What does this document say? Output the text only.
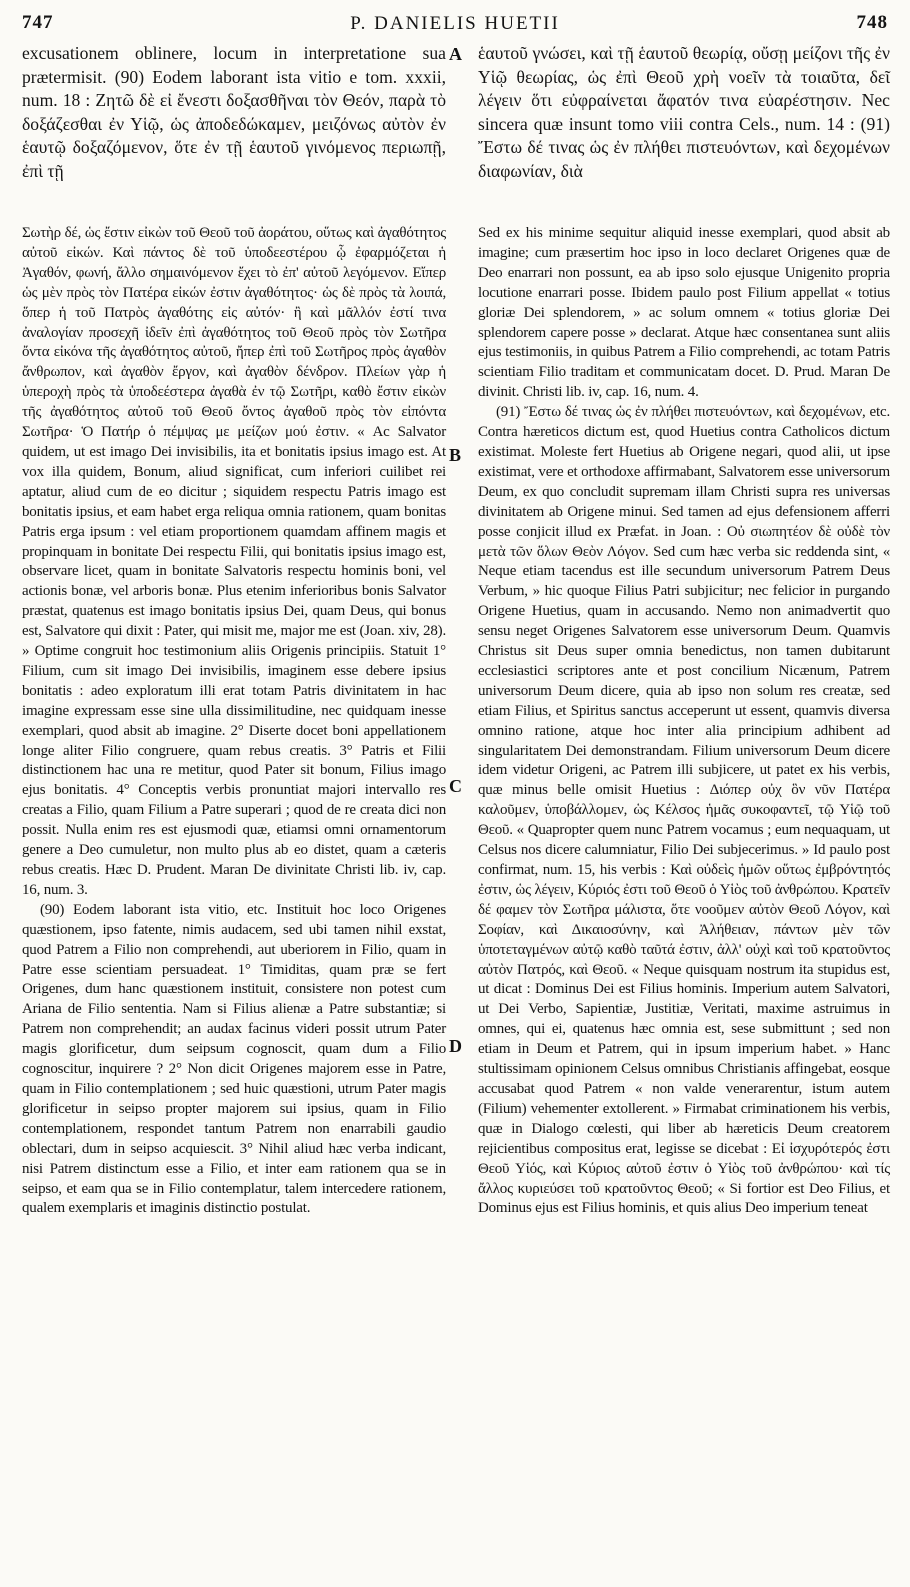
747	P. DANIELIS HUETII	748

excusationem oblinere, locum in interpretatione sua prætermisit. (90) Eodem laborant ista vitio e tom. xxxii, num. 18 : Ζητῶ δὲ εἰ ἔνεστι δοξασθῆναι τὸν Θεόν, παρὰ τὸ δοξάζεσθαι ἐν Υἱῷ, ὡς ἀποδεδώκαμεν, μειζόνως αὐτὸν ἐν ἑαυτῷ δοξαζόμενον, ὅτε ἐν τῇ ἑαυτοῦ γινόμενος περιωπῇ, ἐπὶ τῇ

ἑαυτοῦ γνώσει, καὶ τῇ ἑαυτοῦ θεωρίᾳ, οὔσῃ μείζονι τῆς ἐν Υἱῷ θεωρίας, ὡς ἐπὶ Θεοῦ χρὴ νοεῖν τὰ τοιαῦτα, δεῖ λέγειν ὅτι εὐφραίνεται ἄφατόν τινα εὐαρέστησιν. Nec sincera quæ insunt tomo viii contra Cels., num. 14 : (91) Ἔστω δέ τινας ὡς ἐν πλήθει πιστευόντων, καὶ δεχομένων διαφωνίαν, διὰ

A
B
C
D

Σωτὴρ δέ, ὡς ἔστιν εἰκὼν τοῦ Θεοῦ τοῦ ἀοράτου, οὕτως καὶ ἀγαθότητος αὐτοῦ εἰκών. Καὶ πάντος δὲ τοῦ ὑποδεεστέρου ᾧ ἐφαρμόζεται ἡ Ἀγαθόν, φωνή, ἄλλο σημαινόμενον ἔχει τὸ ἐπ' αὐτοῦ λεγόμενον. Εἴπερ ὡς μὲν πρὸς τὸν Πατέρα εἰκών ἐστιν ἀγαθότητος· ὡς δὲ πρὸς τὰ λοιπά, ὅπερ ἡ τοῦ Πατρὸς ἀγαθότης εἰς αὐτόν· ἢ καὶ μᾶλλόν ἐστί τινα ἀναλογίαν προσεχῆ ἰδεῖν ἐπὶ ἀγαθότητος τοῦ Θεοῦ πρὸς τὸν Σωτῆρα ὄντα εἰκόνα τῆς ἀγαθότητος αὐτοῦ, ἤπερ ἐπὶ τοῦ Σωτῆρος πρὸς ἀγαθὸν ἄνθρωπον, καὶ ἀγαθὸν ἔργον, καὶ ἀγαθὸν δένδρον. Πλείων γὰρ ἡ ὑπεροχὴ πρὸς τὰ ὑποδεέστερα ἀγαθὰ ἐν τῷ Σωτῆρι, καθὸ ἔστιν εἰκὼν τῆς ἀγαθότητος αὐτοῦ τοῦ Θεοῦ ὄντος ἀγαθοῦ πρὸς τὸν εἰπόντα Σωτῆρα· Ὁ Πατήρ ὁ πέμψας με μείζων μού ἐστιν. « Ac Salvator quidem, ut est imago Dei invisibilis, ita et bonitatis ipsius imago est. At vox illa quidem, Bonum, aliud significat, cum inferiori cuilibet rei aptatur, aliud cum de eo dicitur ; siquidem respectu Patris imago est bonitatis ipsius, et eam habet erga reliqua omnia rationem, quam bonitas Patris erga ipsum : vel etiam proportionem quamdam affinem magis et propinquam in bonitate Dei respectu Filii, qui bonitatis ipsius imago est, observare licet, quam in bonitate Salvatoris respectu hominis boni, vel actionis bonæ, vel arboris bonæ. Plus etenim inferioribus bonis Salvator præstat, quatenus est imago bonitatis ipsius Dei, quam Deus, qui bonus est, Salvatore qui dixit : Pater, qui misit me, major me est (Joan. xiv, 28). » Optime congruit hoc testimonium aliis Origenis principiis. Statuit 1° Filium, cum sit imago Dei invisibilis, imaginem esse debere ipsius bonitatis : adeo exploratum illi erat totam Patris divinitatem in hac imagine expressam esse sine ulla dissimilitudine, nec quidquam inesse exemplari, quod absit ab imagine. 2° Diserte docet boni appellationem longe aliter Filio congruere, quam rebus creatis. 3° Patris et Filii distinctionem hac una re metitur, quod Pater sit bonum, Filius imago ejus bonitatis. 4° Conceptis verbis pronuntiat majori intervallo res creatas a Filio, quam Filium a Patre superari ; quod de re creata dici non possit. Nulla enim res est ejusmodi quæ, etiamsi omni ornamentorum genere a Deo cumuletur, non multo plus ab eo distet, quam a cæteris rebus creatis. Hæc D. Prudent. Maran De divinitate Christi lib. iv, cap. 16, num. 3.

(90) Eodem laborant ista vitio, etc. Instituit hoc loco Origenes quæstionem, ipso fatente, nimis audacem, sed ubi tamen nihil exstat, quod Patrem a Filio non comprehendi, aut uberiorem in Filio, quam in Patre esse scientiam persuadeat. 1° Timiditas, quam præ se fert Origenes, dum hanc quæstionem instituit, consistere non potest cum Ariana de Filio sententia. Nam si Filius alienæ a Patre substantiæ; si Patrem non comprehendit; an audax facinus videri possit utrum Pater magis glorificetur, dum seipsum cognoscit, quam dum a Filio cognoscitur, inquirere ? 2° Non dicit Origenes majorem esse in Patre, quam in Filio contemplationem ; sed huic quæstioni, utrum Pater magis glorificetur in seipso propter majorem sui ipsius, quam in Filio contemplationem, respondet tantum Patrem non enarrabili gaudio oblectari, dum in seipso acquiescit. 3° Nihil aliud hæc verba indicant, nisi Patrem distinctum esse a Filio, et inter eam rationem qua se in seipso, et eam qua se in Filio contemplatur, talem intercedere rationem, qualem exemplaris et imaginis distinctio postulat.

Sed ex his minime sequitur aliquid inesse exemplari, quod absit ab imagine; cum præsertim hoc ipso in loco declaret Origenes quæ de Deo enarrari non possunt, ea ab ipso solo ejusque Unigenito propria locutione enarrari posse. Ibidem paulo post Filium appellat « totius gloriæ Dei splendorem, » ac solum omnem « totius gloriæ Dei splendorem capere posse » declarat. Atque hæc consentanea sunt aliis ejus testimoniis, in quibus Patrem a Filio comprehendi, ac totam Patris scientiam Filio traditam et communicatam docet. D. Prud. Maran De divinit. Christi lib. iv, cap. 16, num. 4.

(91) Ἔστω δέ τινας ὡς ἐν πλήθει πιστευόντων, καὶ δεχομένων, etc. Contra hæreticos dictum est, quod Huetius contra Catholicos dictum existimat. Moleste fert Huetius ab Origene negari, quod alii, ut ipse existimat, vere et orthodoxe affirmabant, Salvatorem esse universorum Deum, ex quo concludit supremam illam Christi supra res universas divinitatem ab Origene minui. Sed tamen ad ejus defensionem afferri posse conjicit illud ex Præfat. in Joan. : Οὐ σιωπητέον δὲ οὐδὲ τὸν μετὰ τῶν ὅλων Θεὸν Λόγον. Sed cum hæc verba sic reddenda sint, « Neque etiam tacendus est ille secundum universorum Patrem Deus Verbum, » hic quoque Filius Patri subjicitur; nec felicior in purgando Origene Huetius, quam in accusando. Nemo non animadvertit quo sensu neget Origenes Salvatorem esse universorum Deum. Quamvis Christus sit Deus super omnia benedictus, non tamen dubitarunt ecclesiastici scriptores ante et post concilium Nicænum, Patrem universorum Deum dicere, quia ab ipso non solum res creatæ, sed etiam Filius, et Spiritus sanctus acceperunt ut essent, quamvis diversa omnino ratione, atque hoc inter alia principium adhibent ad singularitatem Dei demonstrandam. Filium universorum Deum dicere idem videtur Origeni, ac Patrem illi subjicere, ut patet ex his verbis, quæ minus belle omisit Huetius : Διόπερ οὐχ ὃν νῦν Πατέρα καλοῦμεν, ὑποβάλλομεν, ὡς Κέλσος ἡμᾶς συκοφαντεῖ, τῷ Υἱῷ τοῦ Θεοῦ. « Quapropter quem nunc Patrem vocamus ; eum nequaquam, ut Celsus nos dicere calumniatur, Filio Dei subjecerimus. » Id paulo post confirmat, num. 15, his verbis : Καὶ οὐδεὶς ἡμῶν οὕτως ἐμβρόντητός ἐστιν, ὡς λέγειν, Κύριός ἐστι τοῦ Θεοῦ ὁ Υἱὸς τοῦ ἀνθρώπου. Κρατεῖν δέ φαμεν τὸν Σωτῆρα μάλιστα, ὅτε νοοῦμεν αὐτὸν Θεοῦ Λόγον, καὶ Σοφίαν, καὶ Δικαιοσύνην, καὶ Ἀλήθειαν, πάντων μὲν τῶν ὑποτεταγμένων αὐτῷ καθὸ ταῦτά ἐστιν, ἀλλ' οὐχὶ καὶ τοῦ κρατοῦντος αὐτὸν Πατρός, καὶ Θεοῦ. « Neque quisquam nostrum ita stupidus est, ut dicat : Dominus Dei est Filius hominis. Imperium autem Salvatori, ut Dei Verbo, Sapientiæ, Justitiæ, Veritati, maxime astruimus in omnes, qui ei, quatenus hæc omnia est, sese submittunt ; sed non etiam in Deum et Patrem, qui in ipsum imperium habet. » Hanc stultissimam opinionem Celsus omnibus Christianis affingebat, eosque accusabat quod Patrem « non valde venerarentur, istum autem (Filium) vehementer extollerent. » Firmabat criminationem his verbis, quæ in Dialogo cœlesti, qui liber ab hæreticis Deum creatorem rejicientibus compositus erat, legisse se dicebat : Εἰ ἰσχυρότερός ἐστι Θεοῦ Υἱός, καὶ Κύριος αὐτοῦ ἐστιν ὁ Υἱὸς τοῦ ἀνθρώπου· καὶ τίς ἄλλος κυριεύσει τοῦ κρατοῦντος Θεοῦ; « Si fortior est Deo Filius, et Dominus ejus est Filius hominis, et quis alius Deo imperium teneat
